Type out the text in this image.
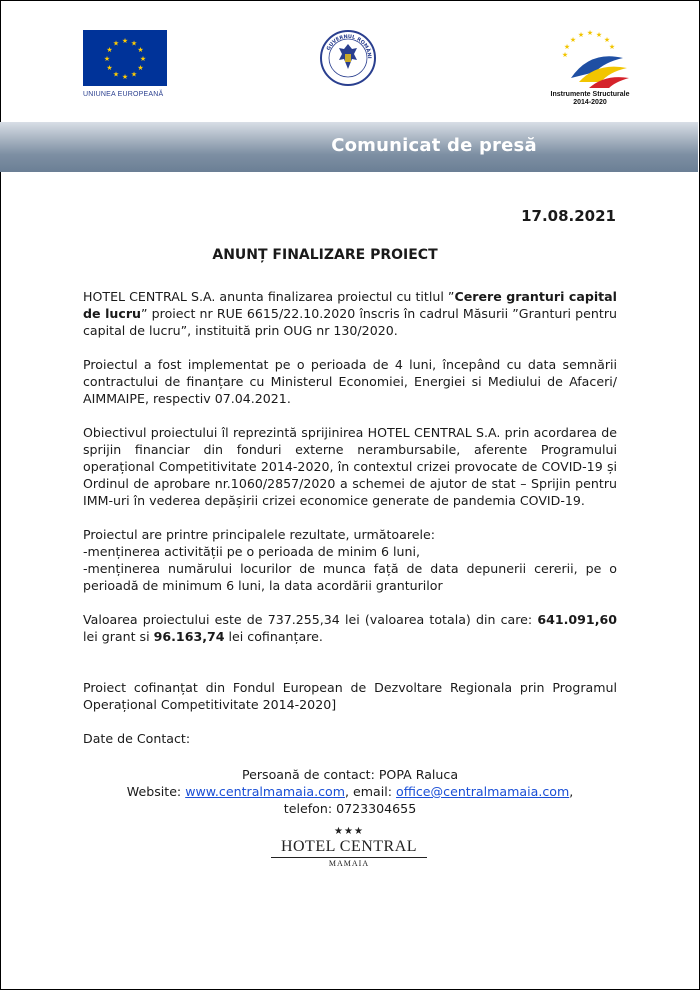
★ ★
★
★
★
★
★
★
★
★
★
★
UNIUNEA EUROPEANĂ
GUVERNUL ROMÂNI
★
★ ★ ★
★
★
★
★
Instrumente Structurale
2014-2020
Comunicat de presă
17.08.2021
ANUNȚ FINALIZARE PROIECT

HOTEL CENTRAL S.A. anunta finalizarea proiectul cu titlul ”Cerere granturi capital de lucru” proiect nr RUE 6615/22.10.2020 înscris în cadrul Măsurii ”Granturi pentru capital de lucru”, instituită prin OUG nr 130/2020.

Proiectul a fost implementat pe o perioada de 4 luni, începând cu data semnării contractului de finanțare cu Ministerul Economiei, Energiei si Mediului de Afaceri/ AIMMAIPE, respectiv 07.04.2021.

Obiectivul proiectului îl reprezintă sprijinirea HOTEL CENTRAL S.A. prin acordarea de sprijin financiar din fonduri externe nerambursabile, aferente Programului operațional Competitivitate 2014-2020, în contextul crizei provocate de COVID-19 și Ordinul de aprobare nr.1060/2857/2020 a schemei de ajutor de stat – Sprijin pentru IMM-uri în vederea depășirii crizei economice generate de pandemia COVID-19.

Proiectul are printre principalele rezultate, următoarele:
-menținerea activității pe o perioada de minim 6 luni,
-menținerea numărului locurilor de munca față de data depunerii cererii, pe o perioadă de minimum 6 luni, la data acordării granturilor

Valoarea proiectului este de 737.255,34 lei (valoarea totala) din care: 641.091,60 lei grant si 96.163,74 lei cofinanțare.

Proiect cofinanțat din Fondul European de Dezvoltare Regionala prin Programul Operațional Competitivitate 2014-2020]

Date de Contact:

Persoană de contact: POPA Raluca
Website: www.centralmamaia.com, email: office@centralmamaia.com,
telefon: 0723304655
★★★
HOTEL CENTRAL
MAMAIA
